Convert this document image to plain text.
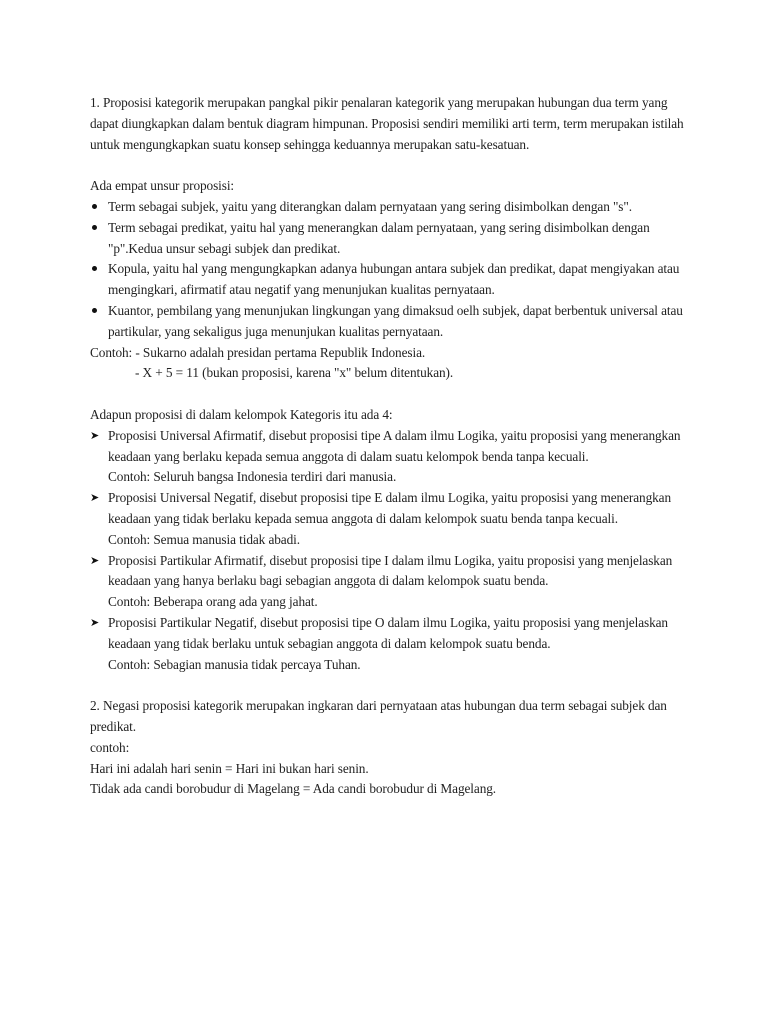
1. Proposisi kategorik merupakan pangkal pikir penalaran kategorik yang merupakan hubungan dua term yang dapat diungkapkan dalam bentuk diagram himpunan. Proposisi sendiri memiliki arti term, term merupakan istilah untuk mengungkapkan suatu konsep sehingga keduannya merupakan satu-kesatuan.

Ada empat unsur proposisi:

Term sebagai subjek, yaitu yang diterangkan dalam pernyataan yang sering disimbolkan dengan "s".
Term sebagai predikat, yaitu hal yang menerangkan dalam pernyataan, yang sering disimbolkan dengan "p".Kedua unsur sebagi subjek dan predikat.
Kopula, yaitu hal yang mengungkapkan adanya hubungan antara subjek dan predikat, dapat mengiyakan atau mengingkari, afirmatif atau negatif yang menunjukan kualitas pernyataan.
Kuantor, pembilang yang menunjukan lingkungan yang dimaksud oelh subjek, dapat berbentuk universal atau partikular, yang sekaligus juga menunjukan kualitas pernyataan.

Contoh: - Sukarno adalah presidan pertama Republik Indonesia.

- X + 5 = 11 (bukan proposisi, karena "x" belum ditentukan).

Adapun proposisi di dalam kelompok Kategoris itu ada 4:

➤ Proposisi Universal Afirmatif, disebut proposisi tipe A dalam ilmu Logika, yaitu proposisi yang menerangkan keadaan yang berlaku kepada semua anggota di dalam suatu kelompok benda tanpa kecuali.
Contoh: Seluruh bangsa Indonesia terdiri dari manusia.
➤ Proposisi Universal Negatif, disebut proposisi tipe E dalam ilmu Logika, yaitu proposisi yang menerangkan keadaan yang tidak berlaku kepada semua anggota di dalam kelompok suatu benda tanpa kecuali.
Contoh: Semua manusia tidak abadi.
➤ Proposisi Partikular Afirmatif, disebut proposisi tipe I dalam ilmu Logika, yaitu proposisi yang menjelaskan keadaan yang hanya berlaku bagi sebagian anggota di dalam kelompok suatu benda.
Contoh: Beberapa orang ada yang jahat.
➤ Proposisi Partikular Negatif, disebut proposisi tipe O dalam ilmu Logika, yaitu proposisi yang menjelaskan keadaan yang tidak berlaku untuk sebagian anggota di dalam kelompok suatu benda.
Contoh: Sebagian manusia tidak percaya Tuhan.

2. Negasi proposisi kategorik merupakan ingkaran dari pernyataan atas hubungan dua term sebagai subjek dan predikat.

contoh:

Hari ini adalah hari senin = Hari ini bukan hari senin.

Tidak ada candi borobudur di Magelang = Ada candi borobudur di Magelang.
